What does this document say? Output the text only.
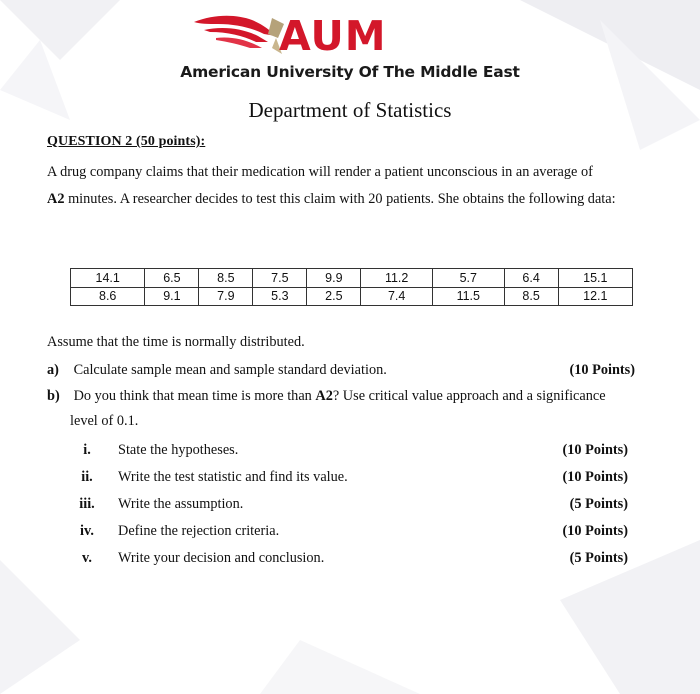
AUM
American University Of The Middle East
Department of Statistics
QUESTION 2 (50 points):

A drug company claims that their medication will render a patient unconscious in an average of
A2 minutes. A researcher decides to test this claim with 20 patients. She obtains the following data:

14.1	6.5	8.5	7.5	9.9	11.2	5.7	6.4	15.1
8.6	9.1	7.9	5.3	2.5	7.4	11.5	8.5	12.1
Assume that the time is normally distributed.
a) Calculate sample mean and sample standard deviation.	(10 Points)
b) Do you think that mean time is more than A2? Use critical value approach and a significance
level of 0.1.
i.	State the hypotheses.	(10 Points)
ii.	Write the test statistic and find its value.	(10 Points)
iii.	Write the assumption.	(5 Points)
iv.	Define the rejection criteria.	(10 Points)
v.	Write your decision and conclusion.	(5 Points)
